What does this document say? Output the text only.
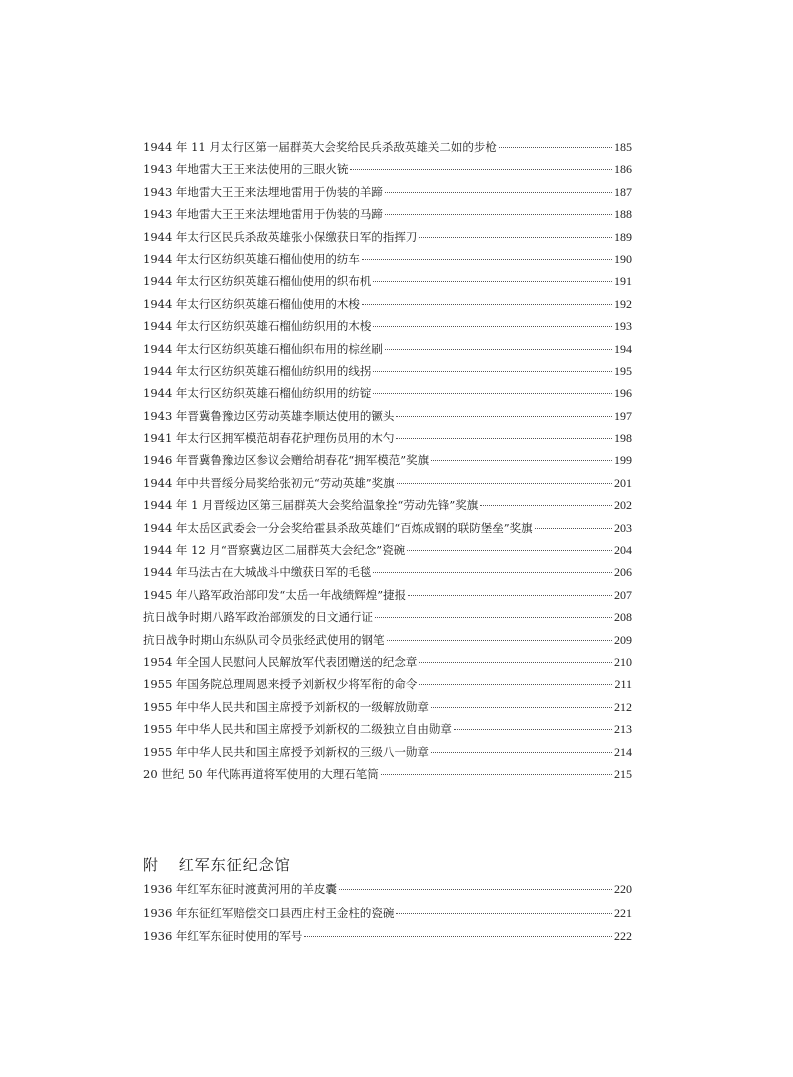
1944 年 11 月太行区第一届群英大会奖给民兵杀敌英雄关二如的步枪	185
1943 年地雷大王王来法使用的三眼火铳	186
1943 年地雷大王王来法埋地雷用于伪装的羊蹄	187
1943 年地雷大王王来法埋地雷用于伪装的马蹄	188
1944 年太行区民兵杀敌英雄张小保缴获日军的指挥刀	189
1944 年太行区纺织英雄石榴仙使用的纺车	190
1944 年太行区纺织英雄石榴仙使用的织布机	191
1944 年太行区纺织英雄石榴仙使用的木梭	192
1944 年太行区纺织英雄石榴仙纺织用的木梭	193
1944 年太行区纺织英雄石榴仙织布用的棕丝刷	194
1944 年太行区纺织英雄石榴仙纺织用的线拐	195
1944 年太行区纺织英雄石榴仙纺织用的纺锭	196
1943 年晋冀鲁豫边区劳动英雄李顺达使用的镢头	197
1941 年太行区拥军模范胡春花护理伤员用的木勺	198
1946 年晋冀鲁豫边区参议会赠给胡春花“拥军模范”奖旗	199
1944 年中共晋绥分局奖给张初元“劳动英雄”奖旗	201
1944 年 1 月晋绥边区第三届群英大会奖给温象拴“劳动先锋”奖旗	202
1944 年太岳区武委会一分会奖给霍县杀敌英雄们“百炼成钢的联防堡垒”奖旗	203
1944 年 12 月“晋察冀边区二届群英大会纪念”瓷碗	204
1944 年马法古在大城战斗中缴获日军的毛毯	206
1945 年八路军政治部印发“太岳一年战绩辉煌”捷报	207
抗日战争时期八路军政治部颁发的日文通行证	208
抗日战争时期山东纵队司令员张经武使用的钢笔	209
1954 年全国人民慰问人民解放军代表团赠送的纪念章	210
1955 年国务院总理周恩来授予刘新权少将军衔的命令	211
1955 年中华人民共和国主席授予刘新权的一级解放勋章	212
1955 年中华人民共和国主席授予刘新权的二级独立自由勋章	213
1955 年中华人民共和国主席授予刘新权的三级八一勋章	214
20 世纪 50 年代陈再道将军使用的大理石笔筒	215
附 红军东征纪念馆
1936 年红军东征时渡黄河用的羊皮囊	220
1936 年东征红军赔偿交口县西庄村王金柱的瓷碗	221
1936 年红军东征时使用的军号	222
